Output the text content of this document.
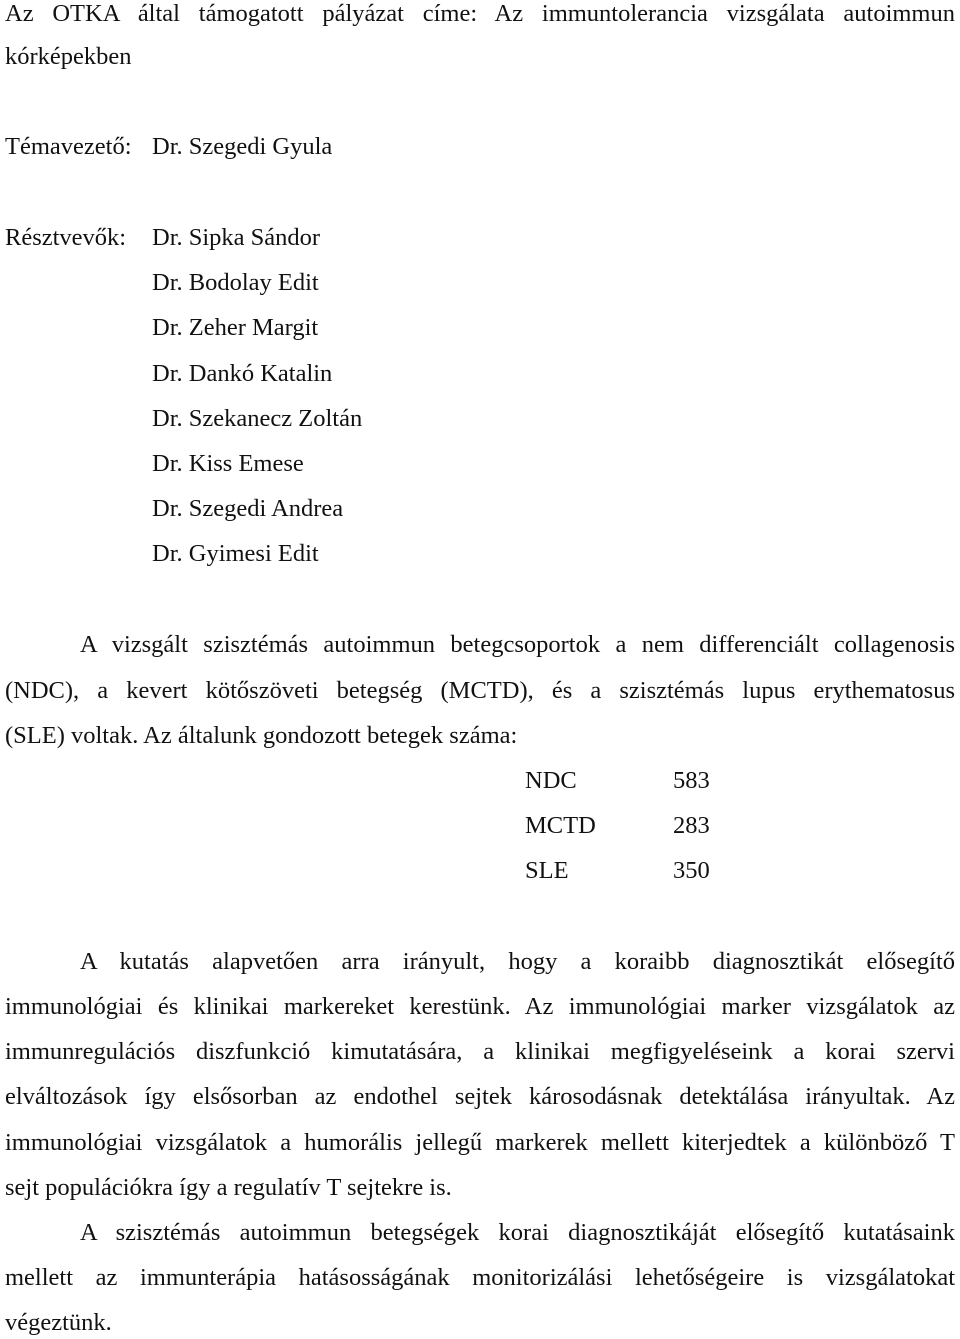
Az OTKA által támogatott pályázat címe: Az immuntolerancia vizsgálata autoimmun
kórképekben
Témavezető: Dr. Szegedi Gyula
Résztvevők: Dr. Sipka Sándor
Dr. Bodolay Edit
Dr. Zeher Margit
Dr. Dankó Katalin
Dr. Szekanecz Zoltán
Dr. Kiss Emese
Dr. Szegedi Andrea
Dr. Gyimesi Edit
A vizsgált szisztémás autoimmun betegcsoportok a nem differenciált collagenosis
(NDC), a kevert kötőszöveti betegség (MCTD), és a szisztémás lupus erythematosus
(SLE) voltak. Az általunk gondozott betegek száma:
NDC	583
MCTD	283
SLE	350
A kutatás alapvetően arra irányult, hogy a koraibb diagnosztikát elősegítő
immunológiai és klinikai markereket kerestünk. Az immunológiai marker vizsgálatok az
immunregulációs diszfunkció kimutatására, a klinikai megfigyeléseink a korai szervi
elváltozások így elsősorban az endothel sejtek károsodásnak detektálása irányultak. Az
immunológiai vizsgálatok a humorális jellegű markerek mellett kiterjedtek a különböző T
sejt populációkra így a regulatív T sejtekre is.
A szisztémás autoimmun betegségek korai diagnosztikáját elősegítő kutatásaink
mellett az immunterápia hatásosságának monitorizálási lehetőségeire is vizsgálatokat
végeztünk.
